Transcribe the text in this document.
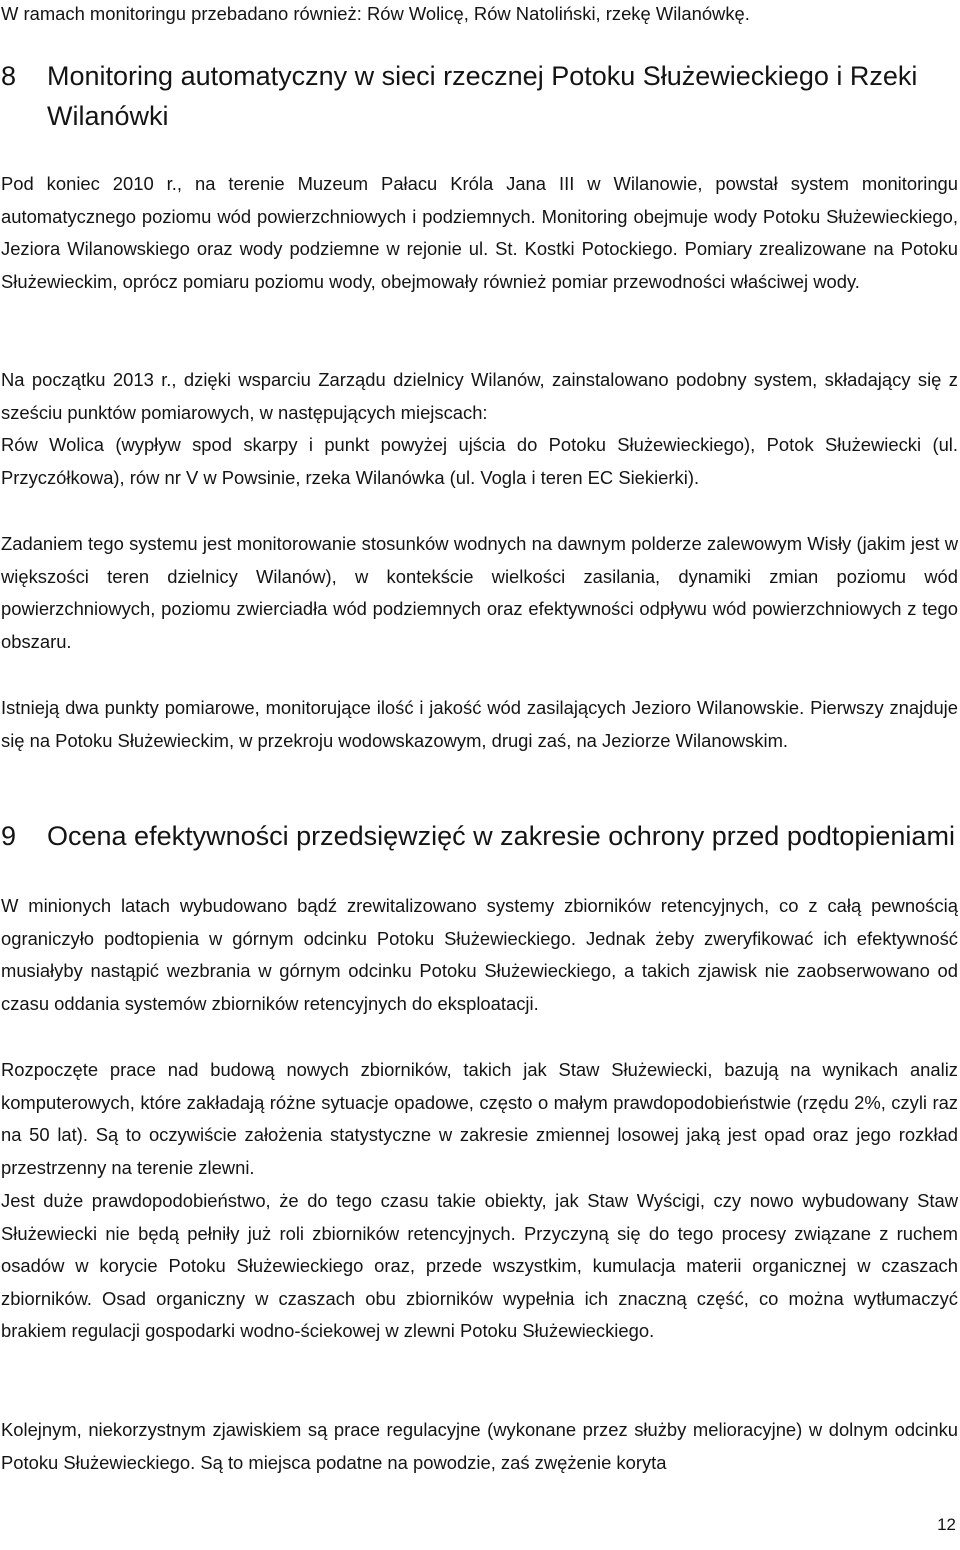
W ramach monitoringu przebadano również: Rów Wolicę, Rów Natoliński, rzekę Wilanówkę.

8	Monitoring automatyczny w sieci rzecznej Potoku Służewieckiego i Rzeki Wilanówki

Pod koniec 2010 r., na terenie Muzeum Pałacu Króla Jana III w Wilanowie, powstał system monitoringu automatycznego poziomu wód powierzchniowych i podziemnych. Monitoring obejmuje wody Potoku Służewieckiego, Jeziora Wilanowskiego oraz wody podziemne w rejonie ul. St. Kostki Potockiego. Pomiary zrealizowane na Potoku Służewieckim, oprócz pomiaru poziomu wody, obejmowały również pomiar przewodności właściwej wody.

Na początku 2013 r., dzięki wsparciu Zarządu dzielnicy Wilanów, zainstalowano podobny system, składający się z sześciu punktów pomiarowych, w następujących miejscach:

Rów Wolica (wypływ spod skarpy i punkt powyżej ujścia do Potoku Służewieckiego), Potok Służewiecki (ul. Przyczółkowa), rów nr V w Powsinie, rzeka Wilanówka (ul. Vogla i teren EC Siekierki).

Zadaniem tego systemu jest monitorowanie stosunków wodnych na dawnym polderze zalewowym Wisły (jakim jest w większości teren dzielnicy Wilanów), w kontekście wielkości zasilania, dynamiki zmian poziomu wód powierzchniowych, poziomu zwierciadła wód podziemnych oraz efektywności odpływu wód powierzchniowych z tego obszaru.

Istnieją dwa punkty pomiarowe, monitorujące ilość i jakość wód zasilających Jezioro Wilanowskie. Pierwszy znajduje się na Potoku Służewieckim, w przekroju wodowskazowym, drugi zaś, na Jeziorze Wilanowskim.

9	Ocena efektywności przedsięwzięć w zakresie ochrony przed podtopieniami

W minionych latach wybudowano bądź zrewitalizowano systemy zbiorników retencyjnych, co z całą pewnością ograniczyło podtopienia w górnym odcinku Potoku Służewieckiego. Jednak żeby zweryfikować ich efektywność musiałyby nastąpić wezbrania w górnym odcinku Potoku Służewieckiego, a takich zjawisk nie zaobserwowano od czasu oddania systemów zbiorników retencyjnych do eksploatacji.

Rozpoczęte prace nad budową nowych zbiorników, takich jak Staw Służewiecki, bazują na wynikach analiz komputerowych, które zakładają różne sytuacje opadowe, często o małym prawdopodobieństwie (rzędu 2%, czyli raz na 50 lat). Są to oczywiście założenia statystyczne w zakresie zmiennej losowej jaką jest opad oraz jego rozkład przestrzenny na terenie zlewni.

Jest duże prawdopodobieństwo, że do tego czasu takie obiekty, jak Staw Wyścigi, czy nowo wybudowany Staw Służewiecki nie będą pełniły już roli zbiorników retencyjnych. Przyczyną się do tego procesy związane z ruchem osadów w korycie Potoku Służewieckiego oraz, przede wszystkim, kumulacja materii organicznej w czaszach zbiorników. Osad organiczny w czaszach obu zbiorników wypełnia ich znaczną część, co można wytłumaczyć brakiem regulacji gospodarki wodno-ściekowej w zlewni Potoku Służewieckiego.

Kolejnym, niekorzystnym zjawiskiem są prace regulacyjne (wykonane przez służby melioracyjne) w dolnym odcinku Potoku Służewieckiego. Są to miejsca podatne na powodzie, zaś zwężenie koryta

12
